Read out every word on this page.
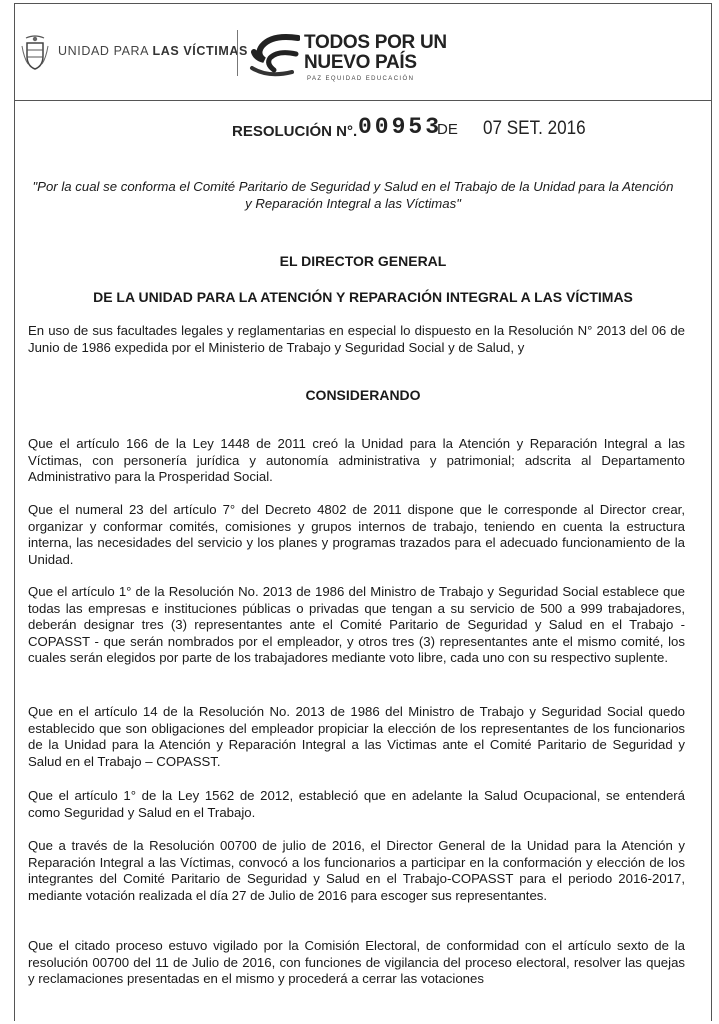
UNIDAD PARA LAS VÍCTIMAS	TODOS POR UN
NUEVO PAÍS
PAZ EQUIDAD EDUCACIÓN
RESOLUCIÓN N°. 00953
DE 07 SET. 2016
"Por la cual se conforma el Comité Paritario de Seguridad y Salud en el Trabajo de la Unidad para la Atención y Reparación Integral a las Víctimas"
EL DIRECTOR GENERAL
DE LA UNIDAD PARA LA ATENCIÓN Y REPARACIÓN INTEGRAL A LAS VÍCTIMAS
En uso de sus facultades legales y reglamentarias en especial lo dispuesto en la Resolución N° 2013 del 06 de Junio de 1986 expedida por el Ministerio de Trabajo y Seguridad Social y de Salud, y
CONSIDERANDO
Que el artículo 166 de la Ley 1448 de 2011 creó la Unidad para la Atención y Reparación Integral a las Víctimas, con personería jurídica y autonomía administrativa y patrimonial; adscrita al Departamento Administrativo para la Prosperidad Social.
Que el numeral 23 del artículo 7° del Decreto 4802 de 2011 dispone que le corresponde al Director crear, organizar y conformar comités, comisiones y grupos internos de trabajo, teniendo en cuenta la estructura interna, las necesidades del servicio y los planes y programas trazados para el adecuado funcionamiento de la Unidad.
Que el artículo 1° de la Resolución No. 2013 de 1986 del Ministro de Trabajo y Seguridad Social establece que todas las empresas e instituciones públicas o privadas que tengan a su servicio de 500 a 999 trabajadores, deberán designar tres (3) representantes ante el Comité Paritario de Seguridad y Salud en el Trabajo -COPASST - que serán nombrados por el empleador, y otros tres (3) representantes ante el mismo comité, los cuales serán elegidos por parte de los trabajadores mediante voto libre, cada uno con su respectivo suplente.
Que en el artículo 14 de la Resolución No. 2013 de 1986 del Ministro de Trabajo y Seguridad Social quedo establecido que son obligaciones del empleador propiciar la elección de los representantes de los funcionarios de la Unidad para la Atención y Reparación Integral a las Victimas ante el Comité Paritario de Seguridad y Salud en el Trabajo – COPASST.
Que el artículo 1° de la Ley 1562 de 2012, estableció que en adelante la Salud Ocupacional, se entenderá como Seguridad y Salud en el Trabajo.
Que a través de la Resolución 00700 de julio de 2016, el Director General de la Unidad para la Atención y Reparación Integral a las Víctimas, convocó a los funcionarios a participar en la conformación y elección de los integrantes del Comité Paritario de Seguridad y Salud en el Trabajo-COPASST para el periodo 2016-2017, mediante votación realizada el día 27 de Julio de 2016 para escoger sus representantes.
Que el citado proceso estuvo vigilado por la Comisión Electoral, de conformidad con el artículo sexto de la resolución 00700 del 11 de Julio de 2016, con funciones de vigilancia del proceso electoral, resolver las quejas y reclamaciones presentadas en el mismo y procederá a cerrar las votaciones
